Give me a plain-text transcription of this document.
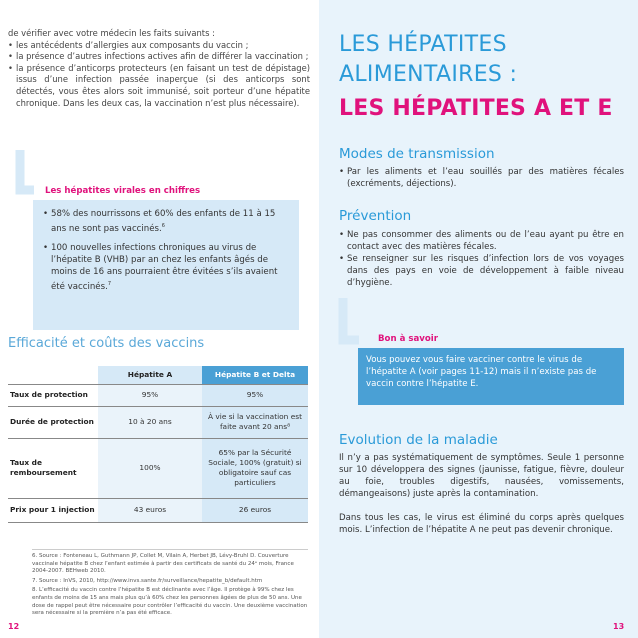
de vérifier avec votre médecin les faits suivants :

• les antécédents d’allergies aux composants du vaccin ;
• la présence d’autres infections actives afin de différer la vaccination ;
• la présence d’anticorps protecteurs (en faisant un test de dépistage) issus d’une infection passée inaperçue (si des anticorps sont détectés, vous êtes alors soit immunisé, soit porteur d’une hépatite chronique. Dans les deux cas, la vaccination n’est plus nécessaire).
Les hépatites virales en chiffres
• 58% des nourrissons et 60% des enfants de 11 à 15 ans ne sont pas vaccinés.$^6$
• 100 nouvelles infections chroniques au virus de l’hépatite B (VHB) par an chez les enfants âgés de moins de 16 ans pourraient être évitées s’ils avaient été vaccinés.$^7$
Efficacité et coûts des vaccins
	Hépatite A	Hépatite B et Delta
Taux de protection	95%	95%
Durée de protection	10 à 20 ans	À vie si la vaccination est faite avant 20 ans⁸
Taux de remboursement	100%	65% par la Sécurité Sociale, 100% (gratuit) si obligatoire sauf cas particuliers
Prix pour 1 injection	43 euros	26 euros

6. Source : Fonteneau L, Guthmann JP, Collet M, Vilain A, Herbet JB, Lévy-Bruhl D. Couverture vaccinale hépatite B chez l’enfant estimée à partir des certificats de santé du 24ᵉ mois, France 2004-2007. BEHweb 2010.

7. Source : InVS, 2010, http://www.invs.sante.fr/surveillance/hepatite_b/default.htm

8. L’efficacité du vaccin contre l’hépatite B est déclinante avec l’âge. Il protège à 99% chez les enfants de moins de 15 ans mais plus qu’à 60% chez les personnes âgées de plus de 50 ans. Une dose de rappel peut être nécessaire pour contrôler l’efficacité du vaccin. Une deuxième vaccination sera nécessaire si la première n’a pas été efficace.

12
LES HÉPATITES
ALIMENTAIRES :
LES HÉPATITES A ET E
Modes de transmission
• Par les aliments et l’eau souillés par des matières fécales (excréments, déjections).
Prévention
• Ne pas consommer des aliments ou de l’eau ayant pu être en contact avec des matières fécales.
• Se renseigner sur les risques d’infection lors de vos voyages dans des pays en voie de développement à faible niveau d’hygiène.
Bon à savoir

Vous pouvez vous faire vacciner contre le virus de l’hépatite A (voir pages 11-12) mais il n’existe pas de vaccin contre l’hépatite E.

Evolution de la maladie

Il n’y a pas systématiquement de symptômes. Seule 1 personne sur 10 développera des signes (jaunisse, fatigue, fièvre, douleur au foie, troubles digestifs, nausées, vomissements, démangeaisons) juste après la contamination.

Dans tous les cas, le virus est éliminé du corps après quelques mois. L’infection de l’hépatite A ne peut pas devenir chronique.

13
